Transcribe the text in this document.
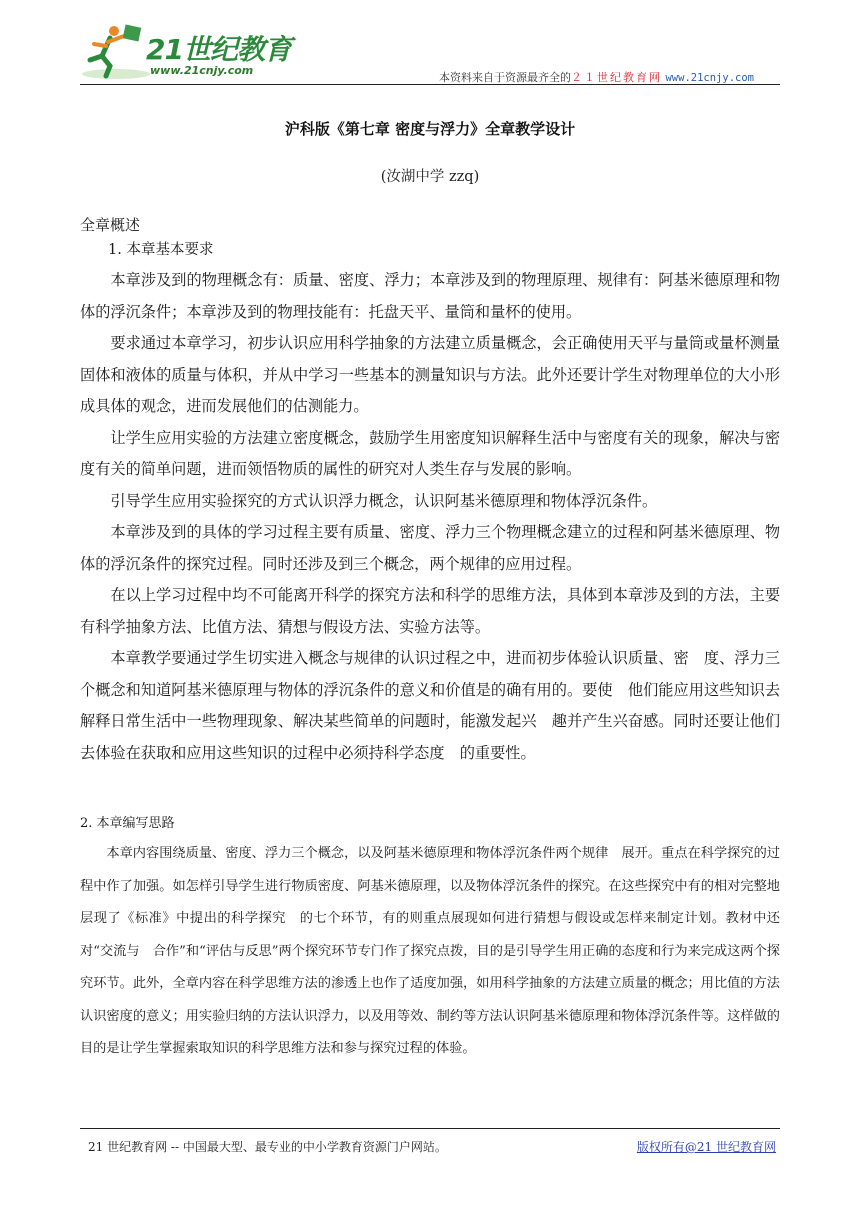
21世纪教育
www.21cnjy.com
本资料来自于资源最齐全的２１世纪教育网 www.21cnjy.com
沪科版《第七章 密度与浮力》全章教学设计
(汝湖中学 zzq)

全章概述

1. 本章基本要求

本章涉及到的物理概念有：质量、密度、浮力；本章涉及到的物理原理、规律有：阿基米德原理和物体的浮沉条件；本章涉及到的物理技能有：托盘天平、量筒和量杯的使用。

要求通过本章学习，初步认识应用科学抽象的方法建立质量概念，会正确使用天平与量筒或量杯测量固体和液体的质量与体积，并从中学习一些基本的测量知识与方法。此外还要计学生对物理单位的大小形成具体的观念，进而发展他们的估测能力。

让学生应用实验的方法建立密度概念，鼓励学生用密度知识解释生活中与密度有关的现象，解决与密度有关的简单问题，进而领悟物质的属性的研究对人类生存与发展的影响。

引导学生应用实验探究的方式认识浮力概念，认识阿基米德原理和物体浮沉条件。

本章涉及到的具体的学习过程主要有质量、密度、浮力三个物理概念建立的过程和阿基米德原理、物体的浮沉条件的探究过程。同时还涉及到三个概念，两个规律的应用过程。

在以上学习过程中均不可能离开科学的探究方法和科学的思维方法，具体到本章涉及到的方法，主要有科学抽象方法、比值方法、猜想与假设方法、实验方法等。

本章教学要通过学生切实进入概念与规律的认识过程之中，进而初步体验认识质量、密　度、浮力三个概念和知道阿基米德原理与物体的浮沉条件的意义和价值是的确有用的。要使　他们能应用这些知识去解释日常生活中一些物理现象、解决某些简单的问题时，能激发起兴　趣并产生兴奋感。同时还要让他们去体验在获取和应用这些知识的过程中必须持科学态度　的重要性。

2. 本章编写思路

本章内容围绕质量、密度、浮力三个概念，以及阿基米德原理和物体浮沉条件两个规律　展开。重点在科学探究的过程中作了加强。如怎样引导学生进行物质密度、阿基米德原理，以及物体浮沉条件的探究。在这些探究中有的相对完整地层现了《标准》中提出的科学探究　的七个环节，有的则重点展现如何进行猜想与假设或怎样来制定计划。教材中还对“交流与　合作”和“评估与反思”两个探究环节专门作了探究点拨，目的是引导学生用正确的态度和行为来完成这两个探究环节。此外，全章内容在科学思维方法的渗透上也作了适度加强，如用科学抽象的方法建立质量的概念；用比值的方法认识密度的意义；用实验归纳的方法认识浮力，以及用等效、制约等方法认识阿基米德原理和物体浮沉条件等。这样做的目的是让学生掌握索取知识的科学思维方法和参与探究过程的体验。

21 世纪教育网 -- 中国最大型、最专业的中小学教育资源门户网站。	版权所有@21 世纪教育网
